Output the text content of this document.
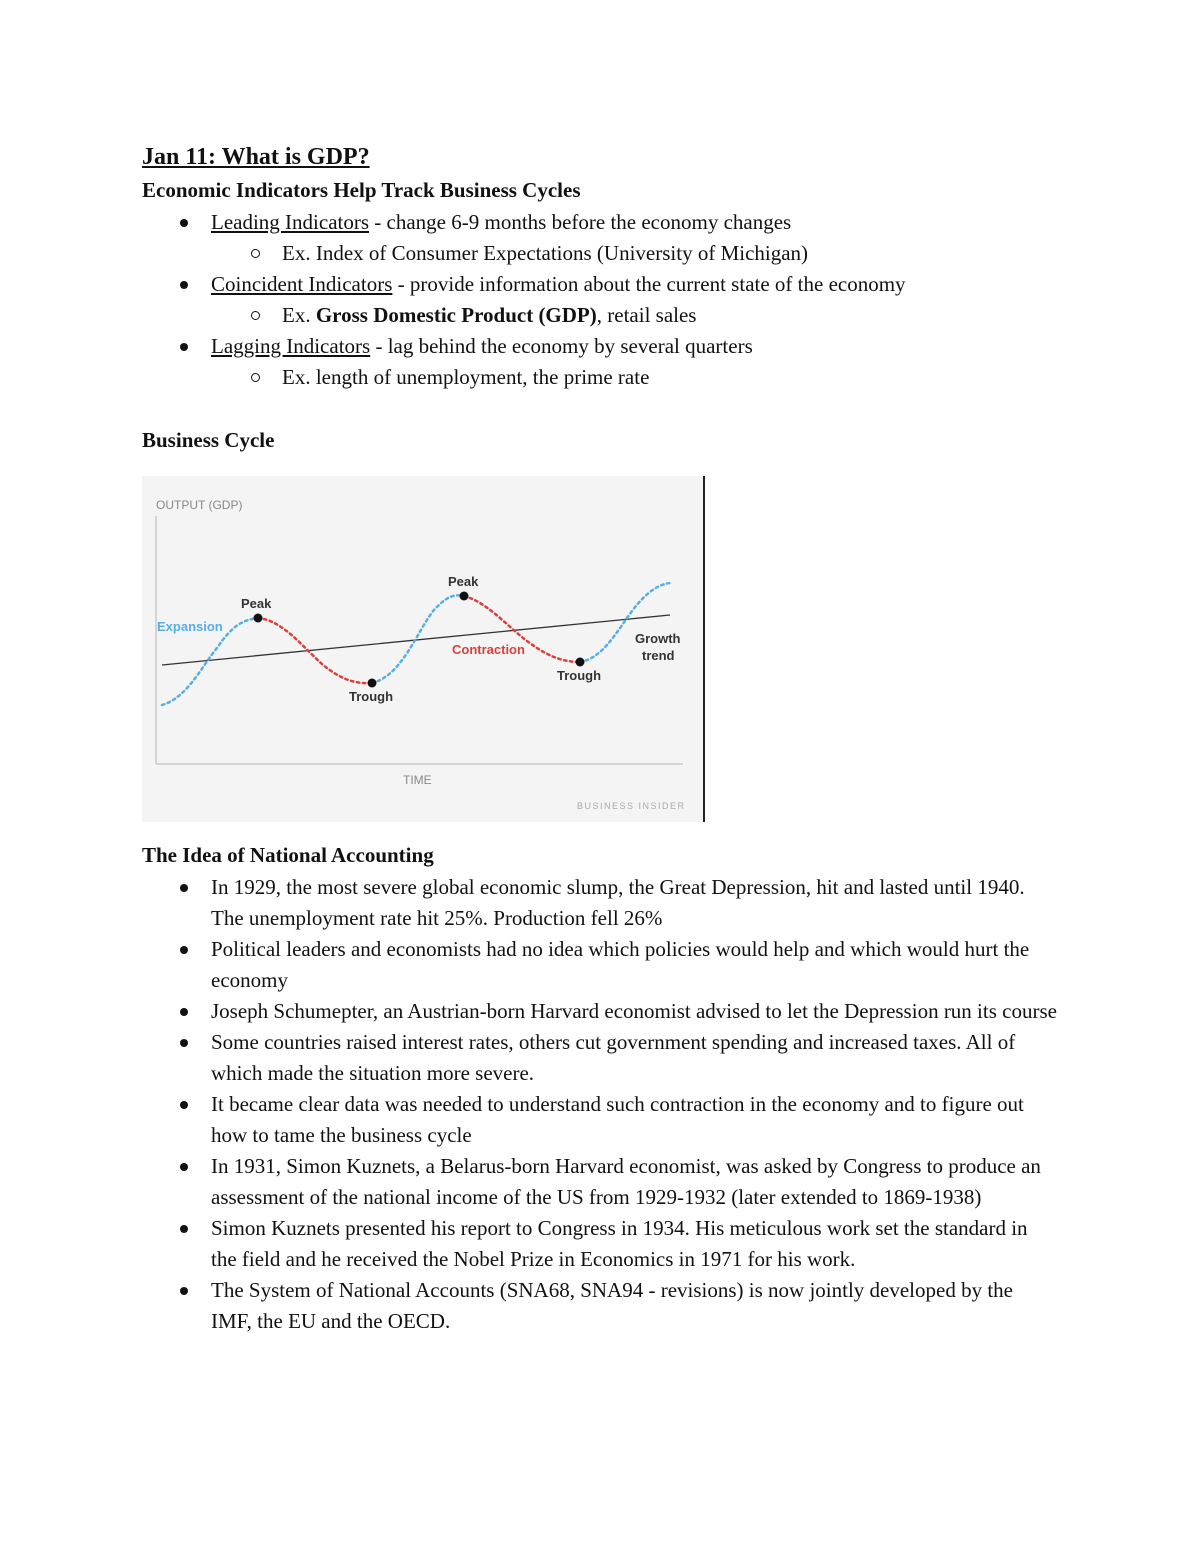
Jan 11: What is GDP?
Economic Indicators Help Track Business Cycles
Leading Indicators - change 6-9 months before the economy changes
Ex. Index of Consumer Expectations (University of Michigan)
Coincident Indicators - provide information about the current state of the economy
Ex. Gross Domestic Product (GDP), retail sales
Lagging Indicators - lag behind the economy by several quarters
Ex. length of unemployment, the prime rate
Business Cycle
OUTPUT (GDP)
TIME
BUSINESS INSIDER
Expansion
Peak
Peak
Trough
Trough
Contraction
Growth
trend
The Idea of National Accounting
In 1929, the most severe global economic slump, the Great Depression, hit and lasted until 1940. The unemployment rate hit 25%. Production fell 26%
Political leaders and economists had no idea which policies would help and which would hurt the economy
Joseph Schumepter, an Austrian-born Harvard economist advised to let the Depression run its course
Some countries raised interest rates, others cut government spending and increased taxes. All of which made the situation more severe.
It became clear data was needed to understand such contraction in the economy and to figure out how to tame the business cycle
In 1931, Simon Kuznets, a Belarus-born Harvard economist, was asked by Congress to produce an assessment of the national income of the US from 1929-1932 (later extended to 1869-1938)
Simon Kuznets presented his report to Congress in 1934. His meticulous work set the standard in the field and he received the Nobel Prize in Economics in 1971 for his work.
The System of National Accounts (SNA68, SNA94 - revisions) is now jointly developed by the IMF, the EU and the OECD.
